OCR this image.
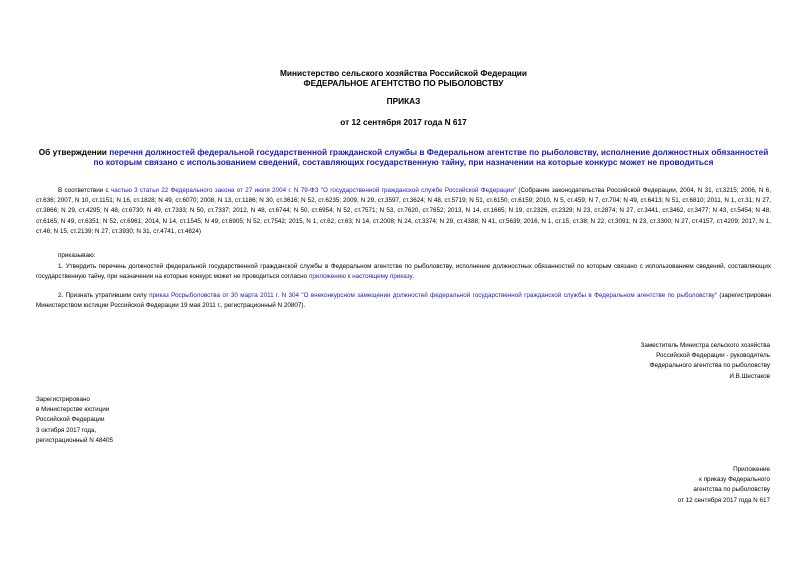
Министерство сельского хозяйства Российской Федерации
ФЕДЕРАЛЬНОЕ АГЕНТСТВО ПО РЫБОЛОВСТВУ
ПРИКАЗ
от 12 сентября 2017 года N 617
Об утверждении перечня должностей федеральной государственной гражданской службы в Федеральном агентстве по рыболовству, исполнение должностных обязанностей по которым связано с использованием сведений, составляющих государственную тайну, при назначении на которые конкурс может не проводиться
В соответствии с частью 3 статьи 22 Федерального закона от 27 июля 2004 г. N 79-ФЗ "О государственной гражданской службе Российской Федерации" (Собрание законодательства Российской Федерации, 2004, N 31, ст.3215; 2006, N 6, ст.636; 2007, N 10, ст.1151; N 16, ст.1828; N 49, ст.6070; 2008, N 13, ст.1186; N 30, ст.3616; N 52, ст.6235; 2009, N 29, ст.3597, ст.3624; N 48, ст.5719; N 51, ст.6150, ст.6159; 2010, N 5, ст.459; N 7, ст.704; N 49, ст.6413; N 51, ст.6810; 2011, N 1, ст.31; N 27, ст.3866; N 29, ст.4295; N 48, ст.6730; N 49, ст.7333; N 50, ст.7337; 2012, N 48, ст.6744; N 50, ст.6954; N 52, ст.7571; N 53, ст.7620, ст.7652; 2013, N 14, ст.1665; N 19, ст.2326, ст.2329; N 23, ст.2874; N 27, ст.3441, ст.3462, ст.3477; N 43, ст.5454; N 48, ст.6165; N 49, ст.6351; N 52, ст.6961; 2014, N 14, ст.1545; N 49, ст.6905; N 52, ст.7542; 2015, N 1, ст.62, ст.63; N 14, ст.2008; N 24, ст.3374; N 29, ст.4388; N 41, ст.5639; 2016, N 1, ст.15, ст.38; N 22, ст.3091; N 23, ст.3300; N 27, ст.4157, ст.4209; 2017, N 1, ст.46; N 15, ст.2139; N 27, ст.3930; N 31, ст.4741, ст.4824)
приказываю:
1. Утвердить перечень должностей федеральной государственной гражданской службы в Федеральном агентстве по рыболовству, исполнение должностных обязанностей по которым связано с использованием сведений, составляющих государственную тайну, при назначении на которые конкурс может не проводиться согласно приложению к настоящему приказу.
2. Признать утратившим силу приказ Росрыболовства от 30 марта 2011 г. N 304 "О внеконкурсном замещении должностей федеральной государственной гражданской службы в Федеральном агентстве по рыболовству" (зарегистрирован Министерством юстиции Российской Федерации 19 мая 2011 г., регистрационный N 20807).
Заместитель Министра сельского хозяйства
Российской Федерации - руководитель
Федерального агентства по рыболовству
И.В.Шестаков
Зарегистрировано
в Министерстве юстиции
Российской Федерации
3 октября 2017 года,
регистрационный N 48405
Приложение
к приказу Федерального
агентства по рыболовству
от 12 сентября 2017 года N 617
